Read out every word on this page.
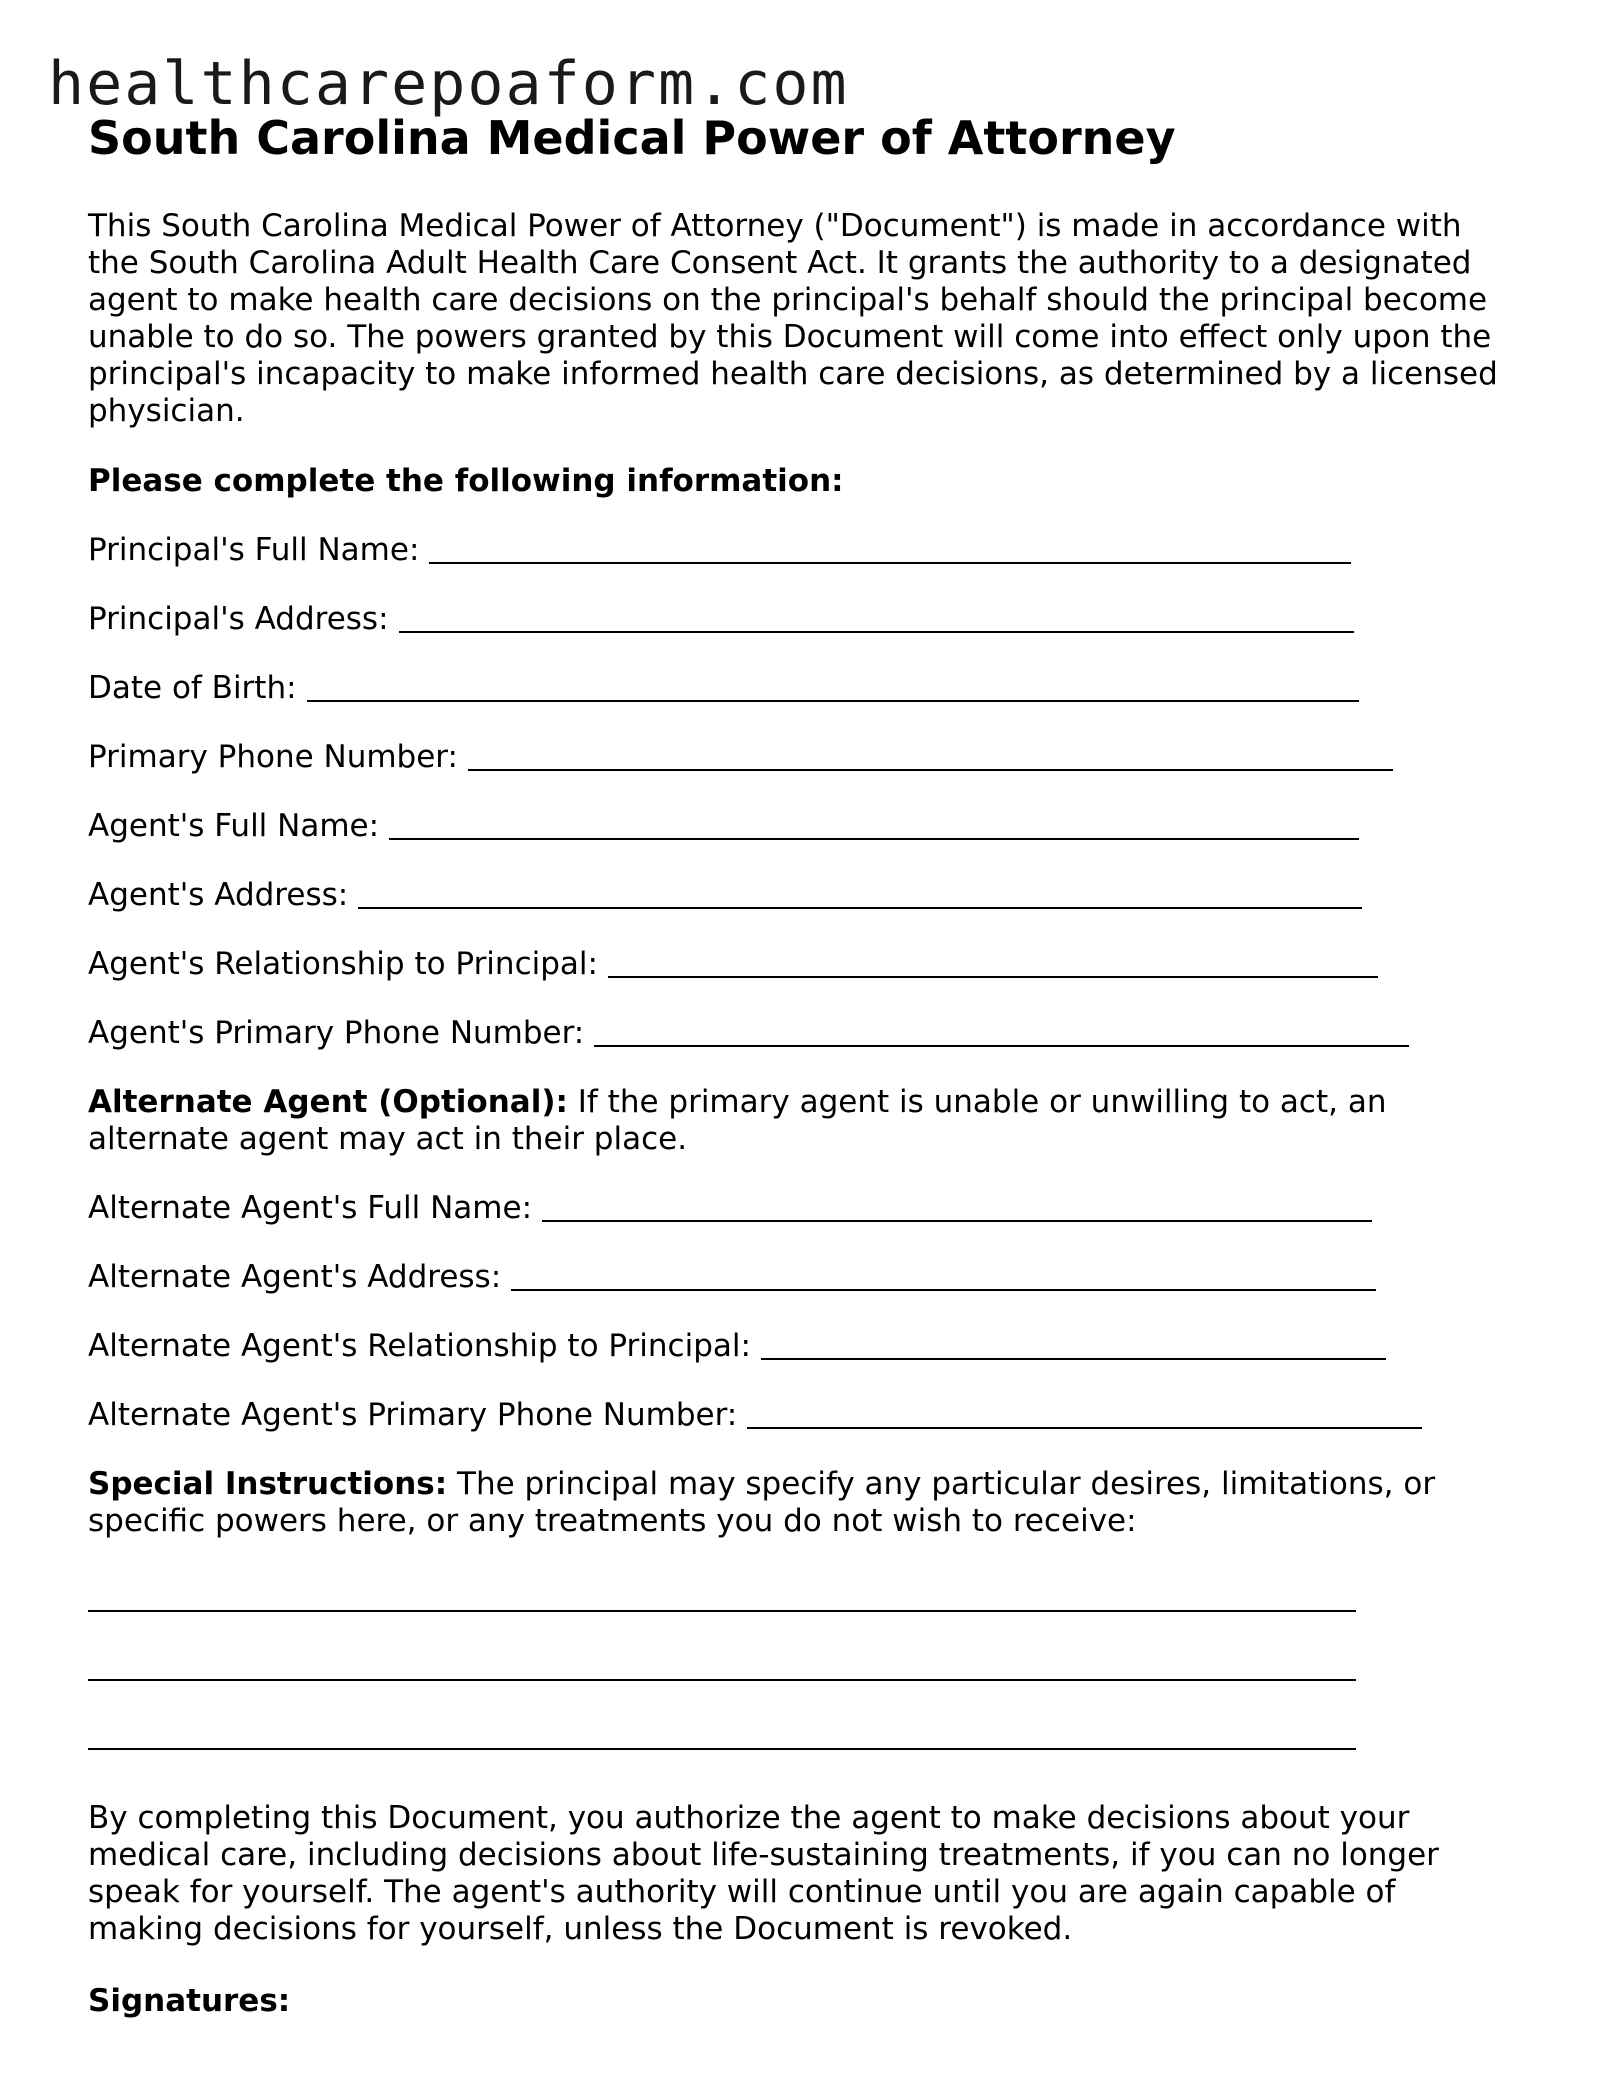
healthcarepoaform.com
South Carolina Medical Power of Attorney

This South Carolina Medical Power of Attorney ("Document") is made in accordance with the South Carolina Adult Health Care Consent Act. It grants the authority to a designated agent to make health care decisions on the principal's behalf should the principal become unable to do so. The powers granted by this Document will come into effect only upon the principal's incapacity to make informed health care decisions, as determined by a licensed physician.

Please complete the following information:

Principal's Full Name:
Principal's Address:
Date of Birth:
Primary Phone Number:
Agent's Full Name:
Agent's Address:
Agent's Relationship to Principal:
Agent's Primary Phone Number:

Alternate Agent (Optional): If the primary agent is unable or unwilling to act, an alternate agent may act in their place.

Alternate Agent's Full Name:
Alternate Agent's Address:
Alternate Agent's Relationship to Principal:
Alternate Agent's Primary Phone Number:

Special Instructions: The principal may specify any particular desires, limitations, or specific powers here, or any treatments you do not wish to receive:

By completing this Document, you authorize the agent to make decisions about your medical care, including decisions about life-sustaining treatments, if you can no longer speak for yourself. The agent's authority will continue until you are again capable of making decisions for yourself, unless the Document is revoked.

Signatures:
